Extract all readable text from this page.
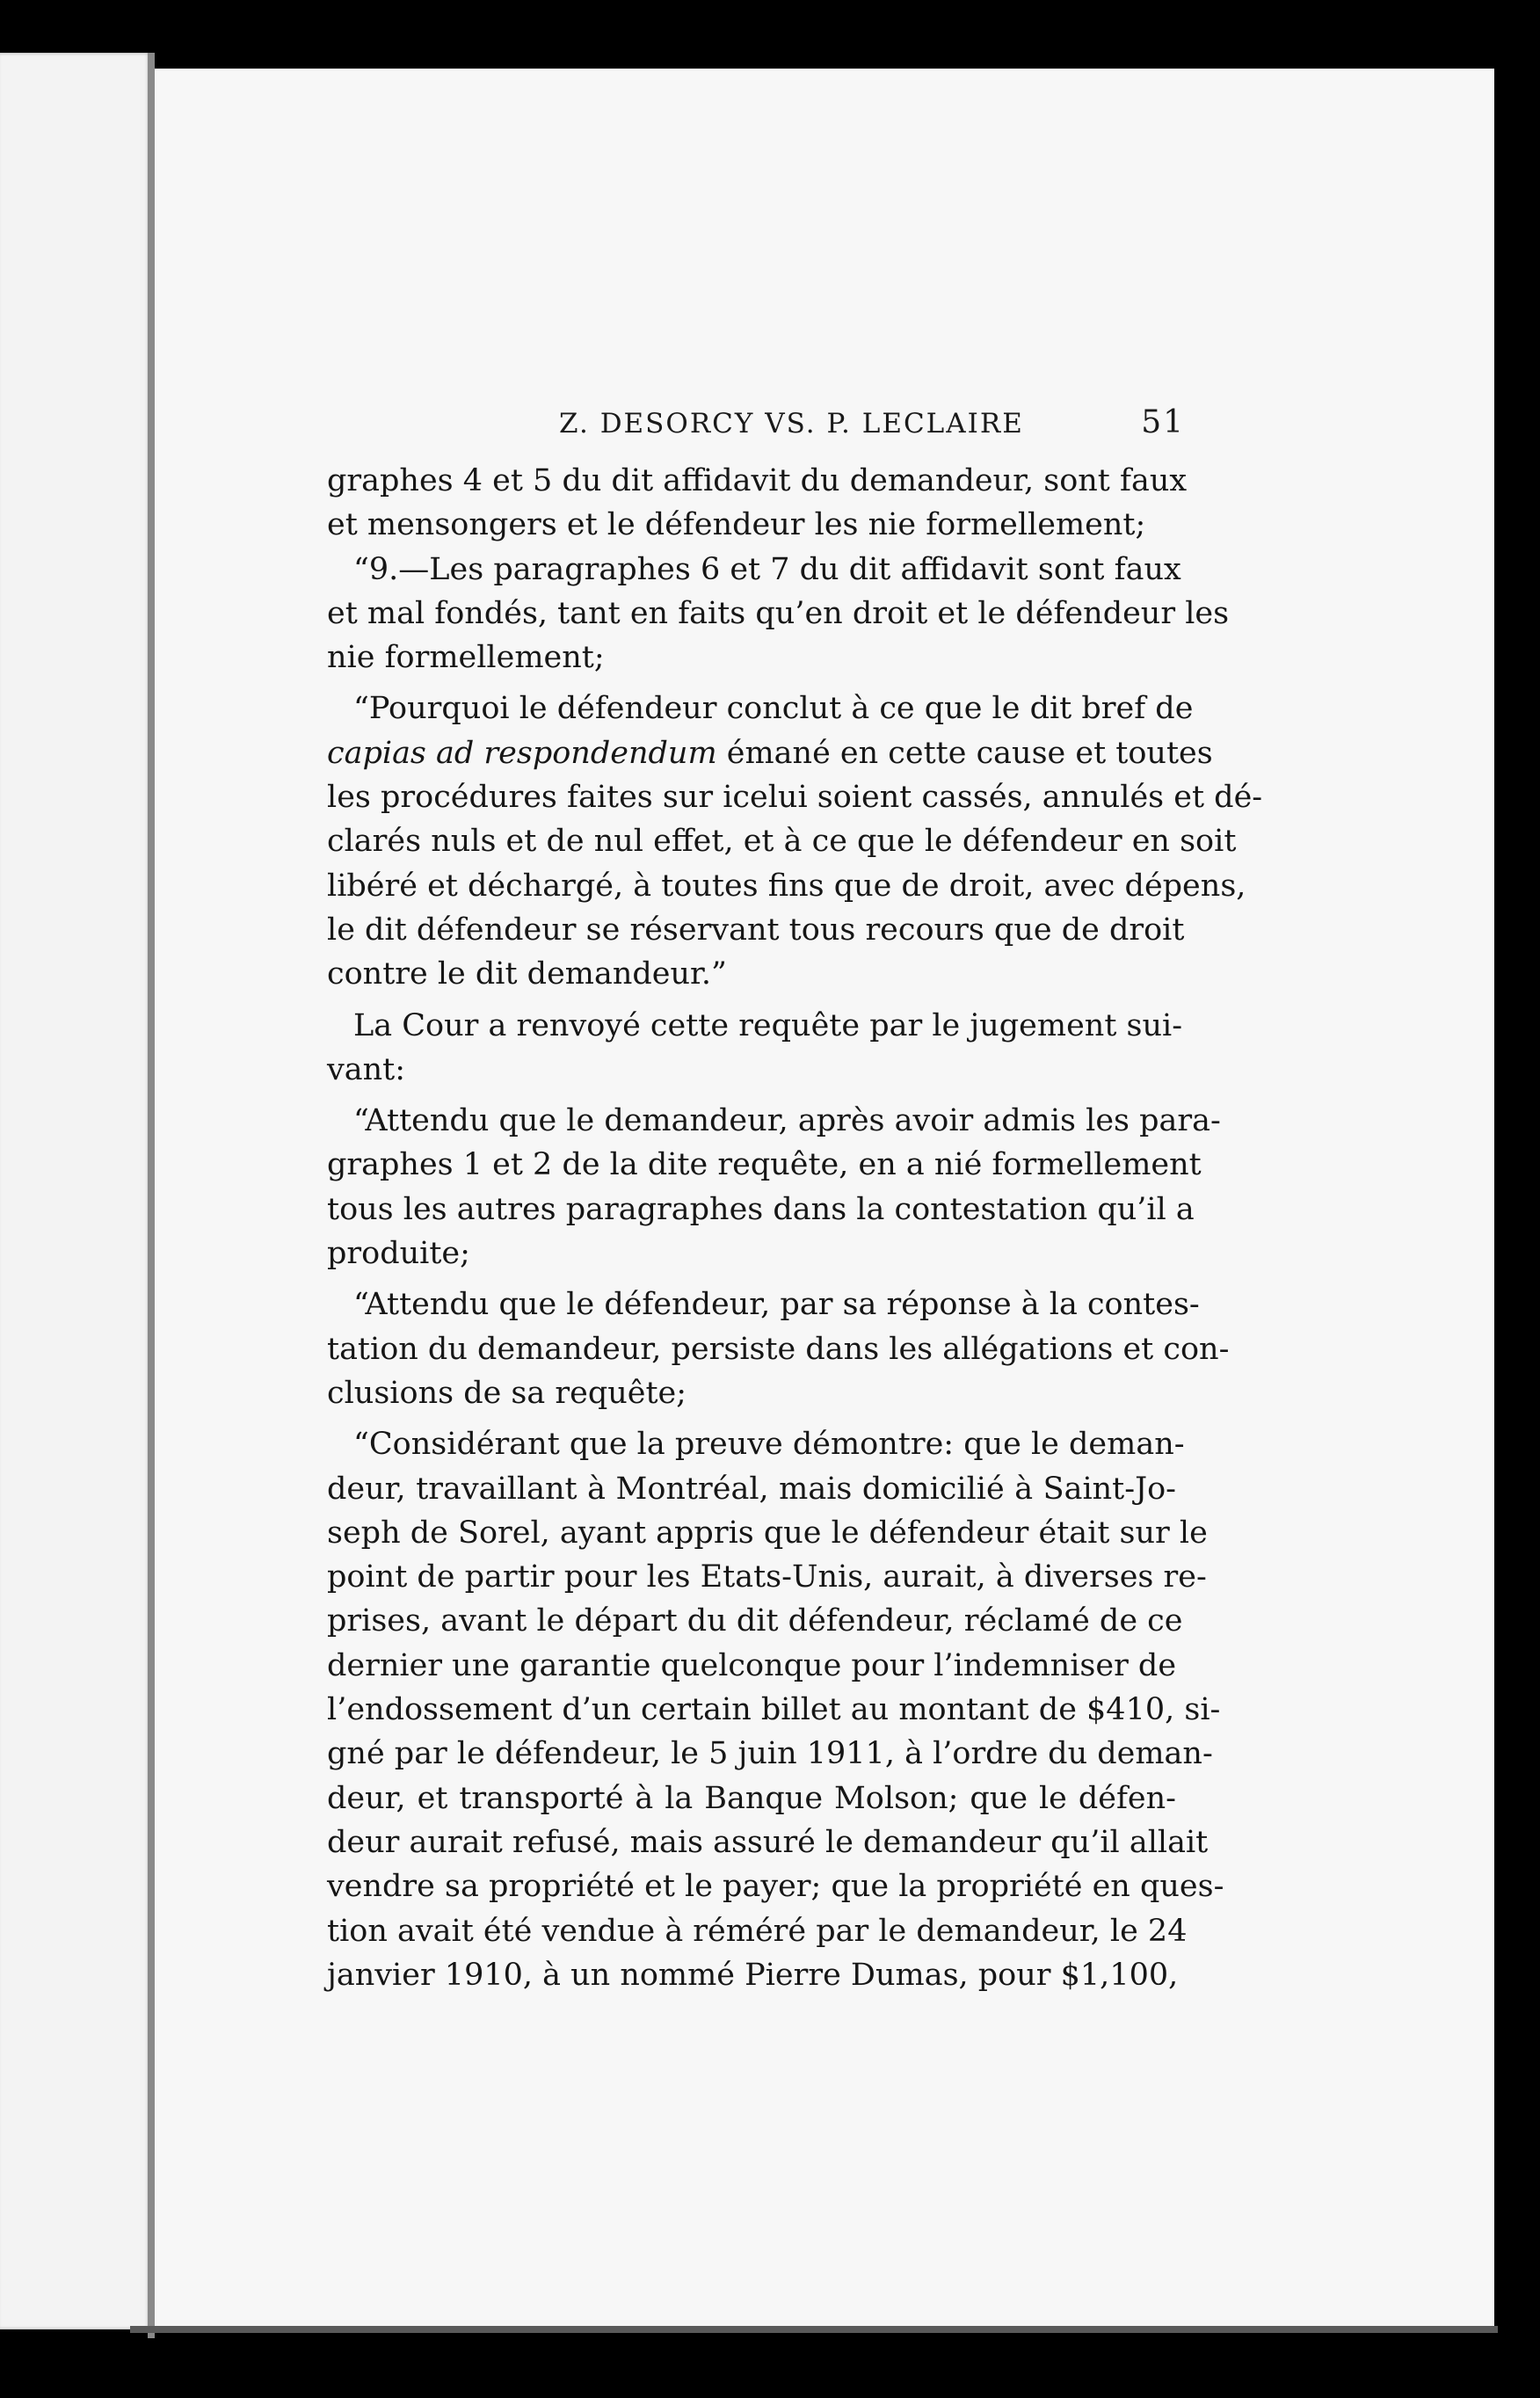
Z. DESORCY VS. P. LECLAIRE	51
graphes 4 et 5 du dit affidavit du demandeur, sont faux
et mensongers et le défendeur les nie formellement;
“9.—Les paragraphes 6 et 7 du dit affidavit sont faux
et mal fondés, tant en faits qu’en droit et le défendeur les
nie formellement;
“Pourquoi le défendeur conclut à ce que le dit bref de
capias ad respondendum émané en cette cause et toutes
les procédures faites sur icelui soient cassés, annulés et dé-
clarés nuls et de nul effet, et à ce que le défendeur en soit
libéré et déchargé, à toutes fins que de droit, avec dépens,
le dit défendeur se réservant tous recours que de droit
contre le dit demandeur.”
La Cour a renvoyé cette requête par le jugement sui-
vant:
“Attendu que le demandeur, après avoir admis les para-
graphes 1 et 2 de la dite requête, en a nié formellement
tous les autres paragraphes dans la contestation qu’il a
produite;
“Attendu que le défendeur, par sa réponse à la contes-
tation du demandeur, persiste dans les allégations et con-
clusions de sa requête;
“Considérant que la preuve démontre: que le deman-
deur, travaillant à Montréal, mais domicilié à Saint-Jo-
seph de Sorel, ayant appris que le défendeur était sur le
point de partir pour les Etats-Unis, aurait, à diverses re-
prises, avant le départ du dit défendeur, réclamé de ce
dernier une garantie quelconque pour l’indemniser de
l’endossement d’un certain billet au montant de $410, si-
gné par le défendeur, le 5 juin 1911, à l’ordre du deman-
deur, et transporté à la Banque Molson; que le défen-
deur aurait refusé, mais assuré le demandeur qu’il allait
vendre sa propriété et le payer; que la propriété en ques-
tion avait été vendue à réméré par le demandeur, le 24
janvier 1910, à un nommé Pierre Dumas, pour $1,100,
